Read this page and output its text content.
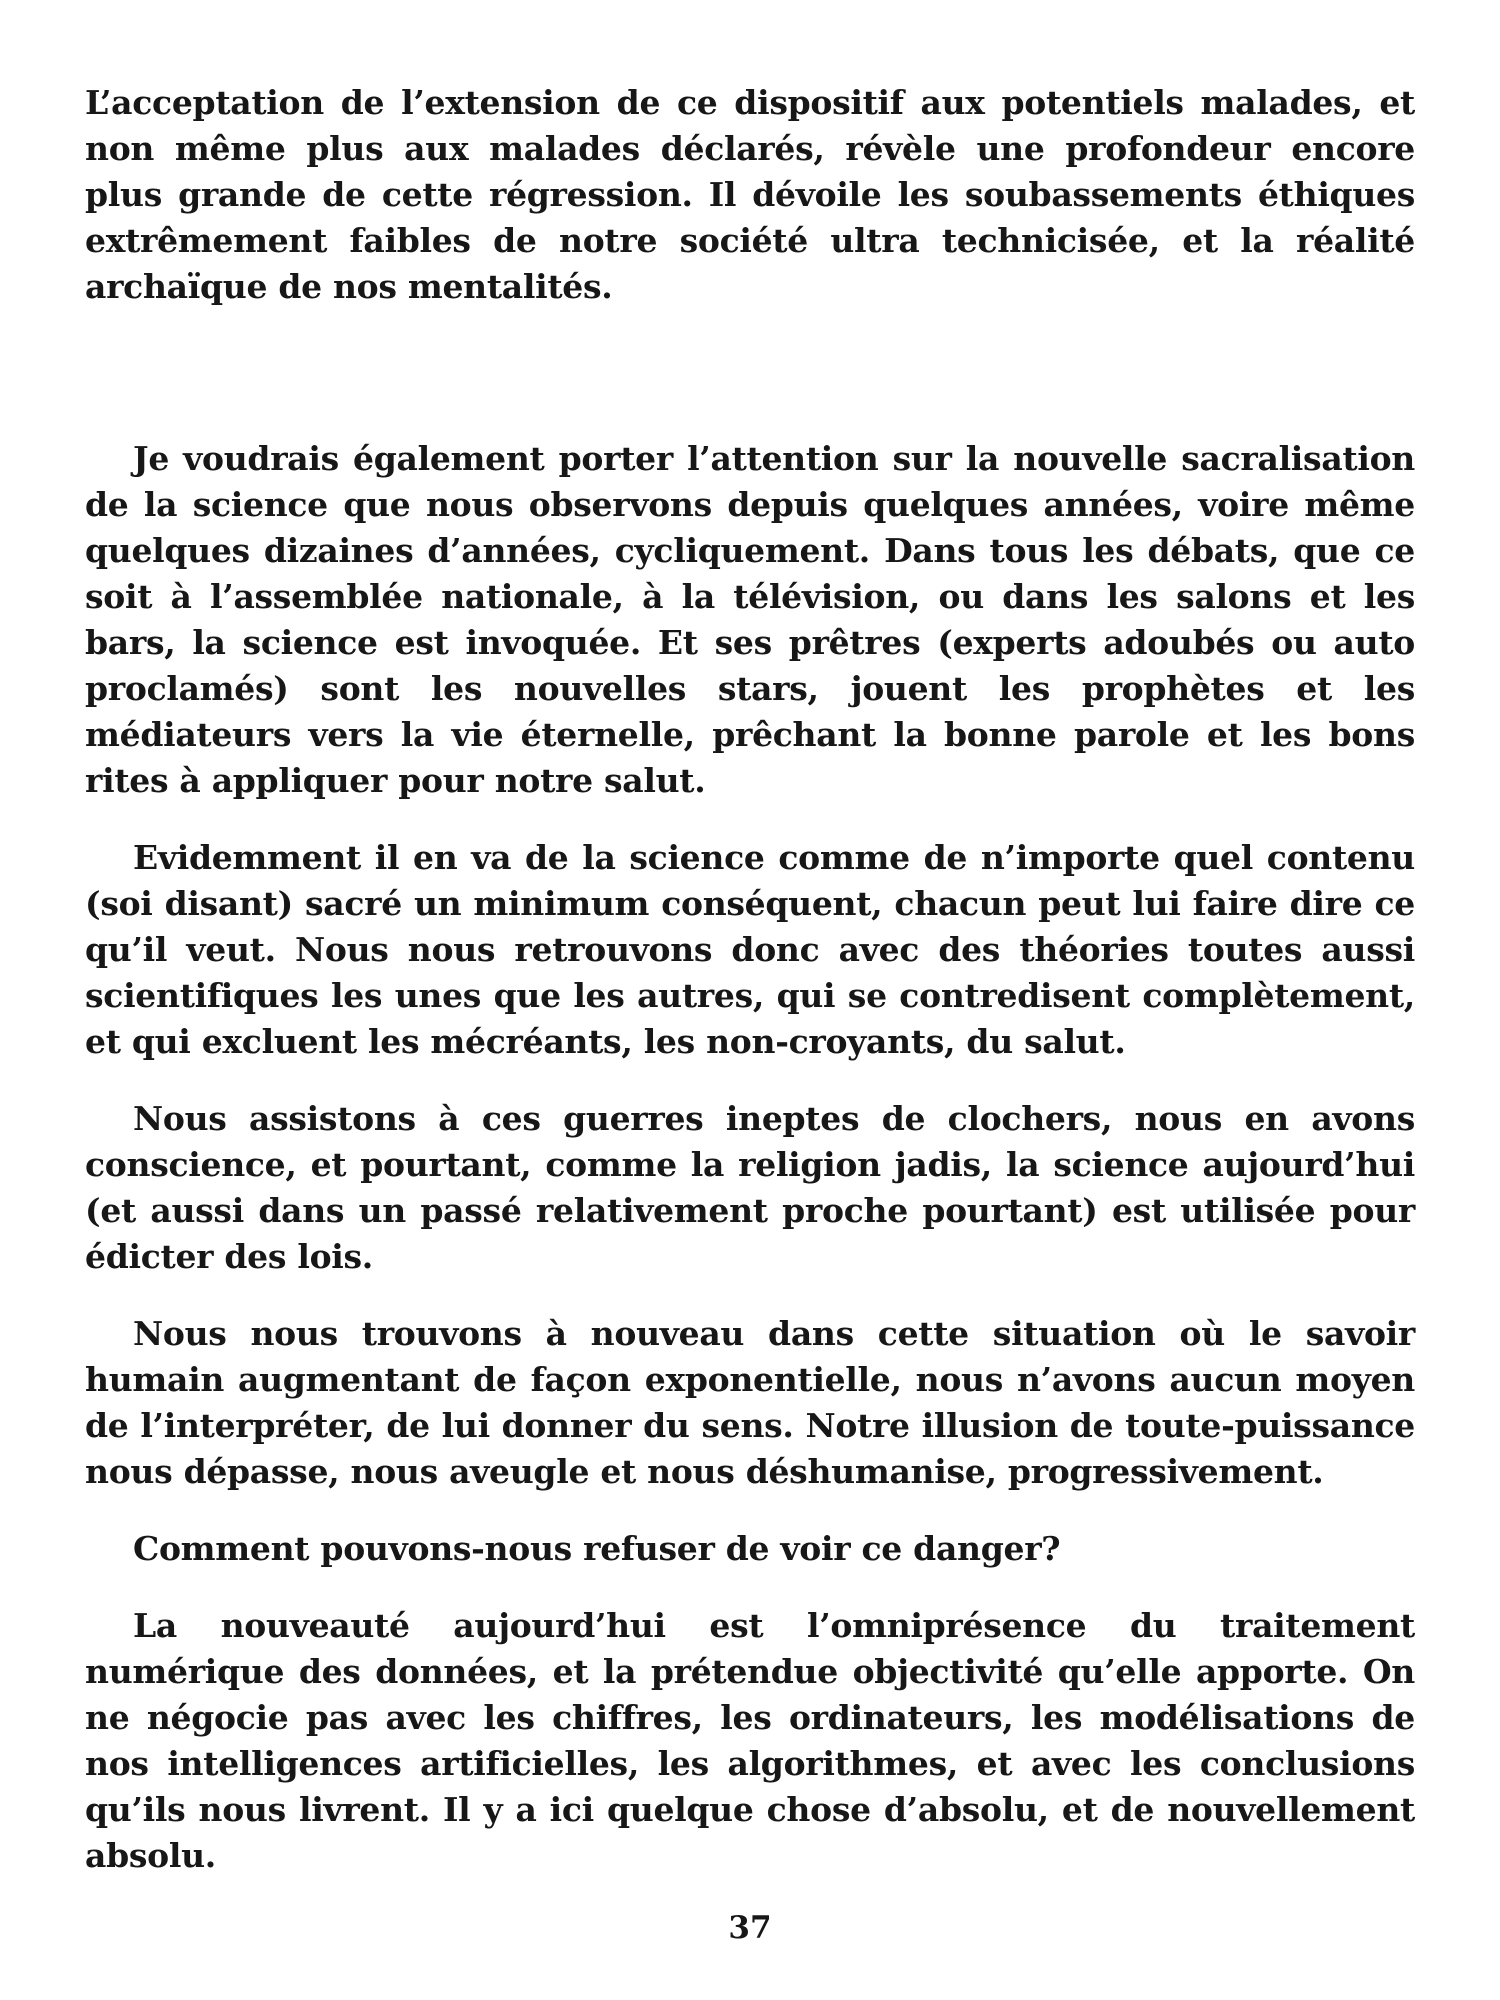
L’acceptation de l’extension de ce dispositif aux potentiels malades, et non même plus aux malades déclarés, révèle une profondeur encore plus grande de cette régression. Il dévoile les soubassements éthiques extrêmement faibles de notre société ultra technicisée, et la réalité archaïque de nos mentalités.

Je voudrais également porter l’attention sur la nouvelle sacralisation de la science que nous observons depuis quelques années, voire même quelques dizaines d’années, cycliquement. Dans tous les débats, que ce soit à l’assemblée nationale, à la télévision, ou dans les salons et les bars, la science est invoquée. Et ses prêtres (experts adoubés ou auto proclamés) sont les nouvelles stars, jouent les prophètes et les médiateurs vers la vie éternelle, prêchant la bonne parole et les bons rites à appliquer pour notre salut.

Evidemment il en va de la science comme de n’importe quel contenu (soi disant) sacré un minimum conséquent, chacun peut lui faire dire ce qu’il veut. Nous nous retrouvons donc avec des théories toutes aussi scientifiques les unes que les autres, qui se contredisent complètement, et qui excluent les mécréants, les non-croyants, du salut.

Nous assistons à ces guerres ineptes de clochers, nous en avons conscience, et pourtant, comme la religion jadis, la science aujourd’hui (et aussi dans un passé relativement proche pourtant) est utilisée pour édicter des lois.

Nous nous trouvons à nouveau dans cette situation où le savoir humain augmentant de façon exponentielle, nous n’avons aucun moyen de l’interpréter, de lui donner du sens. Notre illusion de toute-puissance nous dépasse, nous aveugle et nous déshumanise, progressivement.

Comment pouvons-nous refuser de voir ce danger?

La nouveauté aujourd’hui est l’omniprésence du traitement numérique des données, et la prétendue objectivité qu’elle apporte. On ne négocie pas avec les chiffres, les ordinateurs, les modélisations de nos intelligences artificielles, les algorithmes, et avec les conclusions qu’ils nous livrent. Il y a ici quelque chose d’absolu, et de nouvellement absolu.

37
